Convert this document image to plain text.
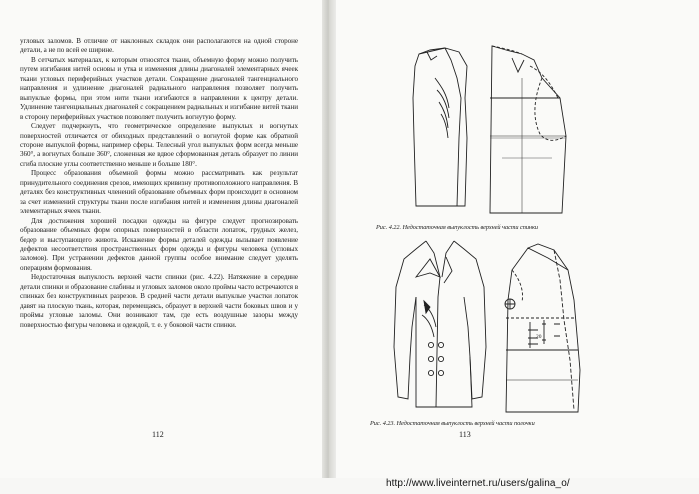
угловых заломов. В отличие от наклонных складок они располагаются на одной стороне детали, а не по всей ее ширине.

В сетчатых материалах, к которым относятся ткани, объемную форму можно получить путем изгибания нитей основы и утка и изменения длины диагоналей элементарных ячеек ткани угловых периферийных участков детали. Сокращение диагоналей тангенциального направления и удлинение диагоналей радиального направления позволяет получить выпуклые формы, при этом нити ткани изгибаются в направлении к центру детали. Удлинение тангенциальных диагоналей с сокращением радиальных и изгибание витей ткани в сторону периферийных участков позволяет получить вогнутую форму.

Следует подчеркнуть, что геометрическое определение выпуклых и вогнутых поверхностей отличается от обиходных представлений о вогнутой форме как обратной стороне выпуклой формы, например сферы. Телесный угол выпуклых форм всегда меньше 360°, а вогнутых больше 360°, сложенная же вдвое сформованная деталь образует по линии сгиба плоские углы соответственно меньше и больше 180°.

Процесс образования объемной формы можно рассматривать как результат принудительного соединения срезов, имеющих кривизну противоположного направления. В деталях без конструктивных членений образование объемных форм происходит в основном за счет изменений структуры ткани после изгибания нитей и изменения длины диагоналей элементарных ячеек ткани.

Для достижения хорошей посадки одежды на фигуре следует прогнозировать образование объемных форм опорных поверхностей в области лопаток, грудных желез, бедер и выступающего живота. Искажение формы деталей одежды вызывает появление дефектов несоответствия пространственных форм одежды и фигуры человека (угловых заломов). При устранении дефектов данной группы особое внимание следует уделять операциям формования.

Недостаточная выпуклость верхней части спинки (рис. 4.22). Натяжение в середине детали спинки и образование слабины и угловых заломов около проймы часто встречаются в спинках без конструктивных разрезов. В средней части детали выпуклые участки лопаток давят на плоскую ткань, которая, перемещаясь, образует в верхней части боковых швов и у проймы угловые заломы. Они возникают там, где есть воздушные зазоры между поверхностью фигуры человека и одеждой, т. е. у боковой части спинки.

112
Рис. 4.22. Недостаточная выпуклость верхней части спинки
20
Рис. 4.23. Недостаточная выпуклость верхней части полочки
113
http://www.liveinternet.ru/users/galina_o/
